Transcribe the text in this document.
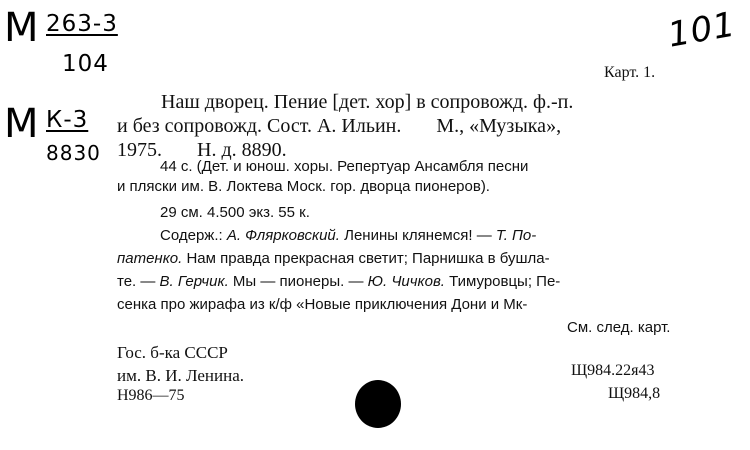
М 263-3
104
101
М К-3
8830
Карт. 1.
Наш дворец. Пение [дет. хор] в сопровожд. ф.-п.
и без сопровожд. Сост. А. Ильин.       М., «Музыка»,
1975.       Н. д. 8890.
44 с. (Дет. и юнош. хоры. Репертуар Ансамбля песни
и пляски им. В. Локтева Моск. гор. дворца пионеров).
29 см. 4.500 экз. 55 к.
Содерж.: А. Флярковский. Ленины клянемся! — Т. По-
патенко. Нам правда прекрасная светит; Парнишка в бушла-
те. — В. Герчик. Мы — пионеры. — Ю. Чичков. Тимуровцы; Пе-
сенка про жирафа из к/ф «Новые приключения Дони и Мк-
См. след. карт.
Гос. б-ка СССР
им. В. И. Ленина.
Н986—75
Щ984.22я43
Щ984,8
